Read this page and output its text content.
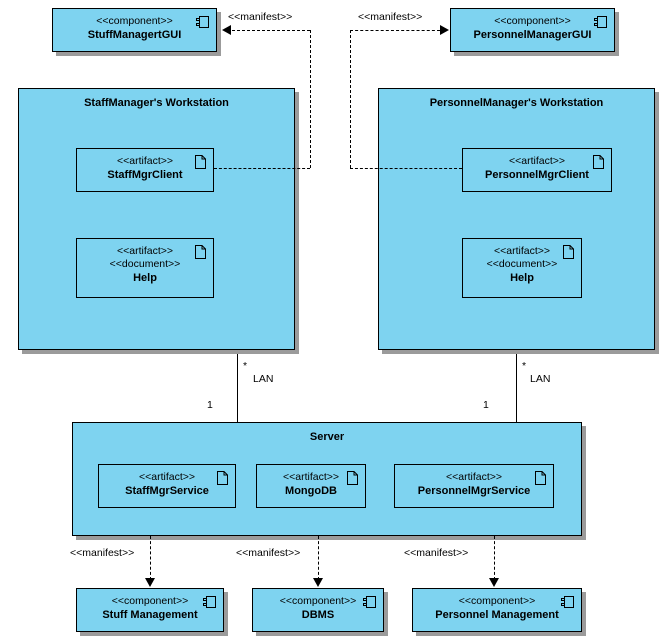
<<component>>
StuffManagertGUI
<<component>>
PersonnelManagerGUI
StaffManager's Workstation
<<artifact>>
StaffMgrClient
<<artifact>>
<<document>>
Help
PersonnelManager's Workstation
<<artifact>>
PersonnelMgrClient
<<artifact>>
<<document>>
Help
Server
<<artifact>>
StaffMgrService
<<artifact>>
MongoDB
<<artifact>>
PersonnelMgrService
<<component>>
Stuff Management
<<component>>
DBMS
<<component>>
Personnel Management
<<manifest>>	<<manifest>>
*
LAN
1
*
LAN
1
<<manifest>>	<<manifest>>	<<manifest>>
